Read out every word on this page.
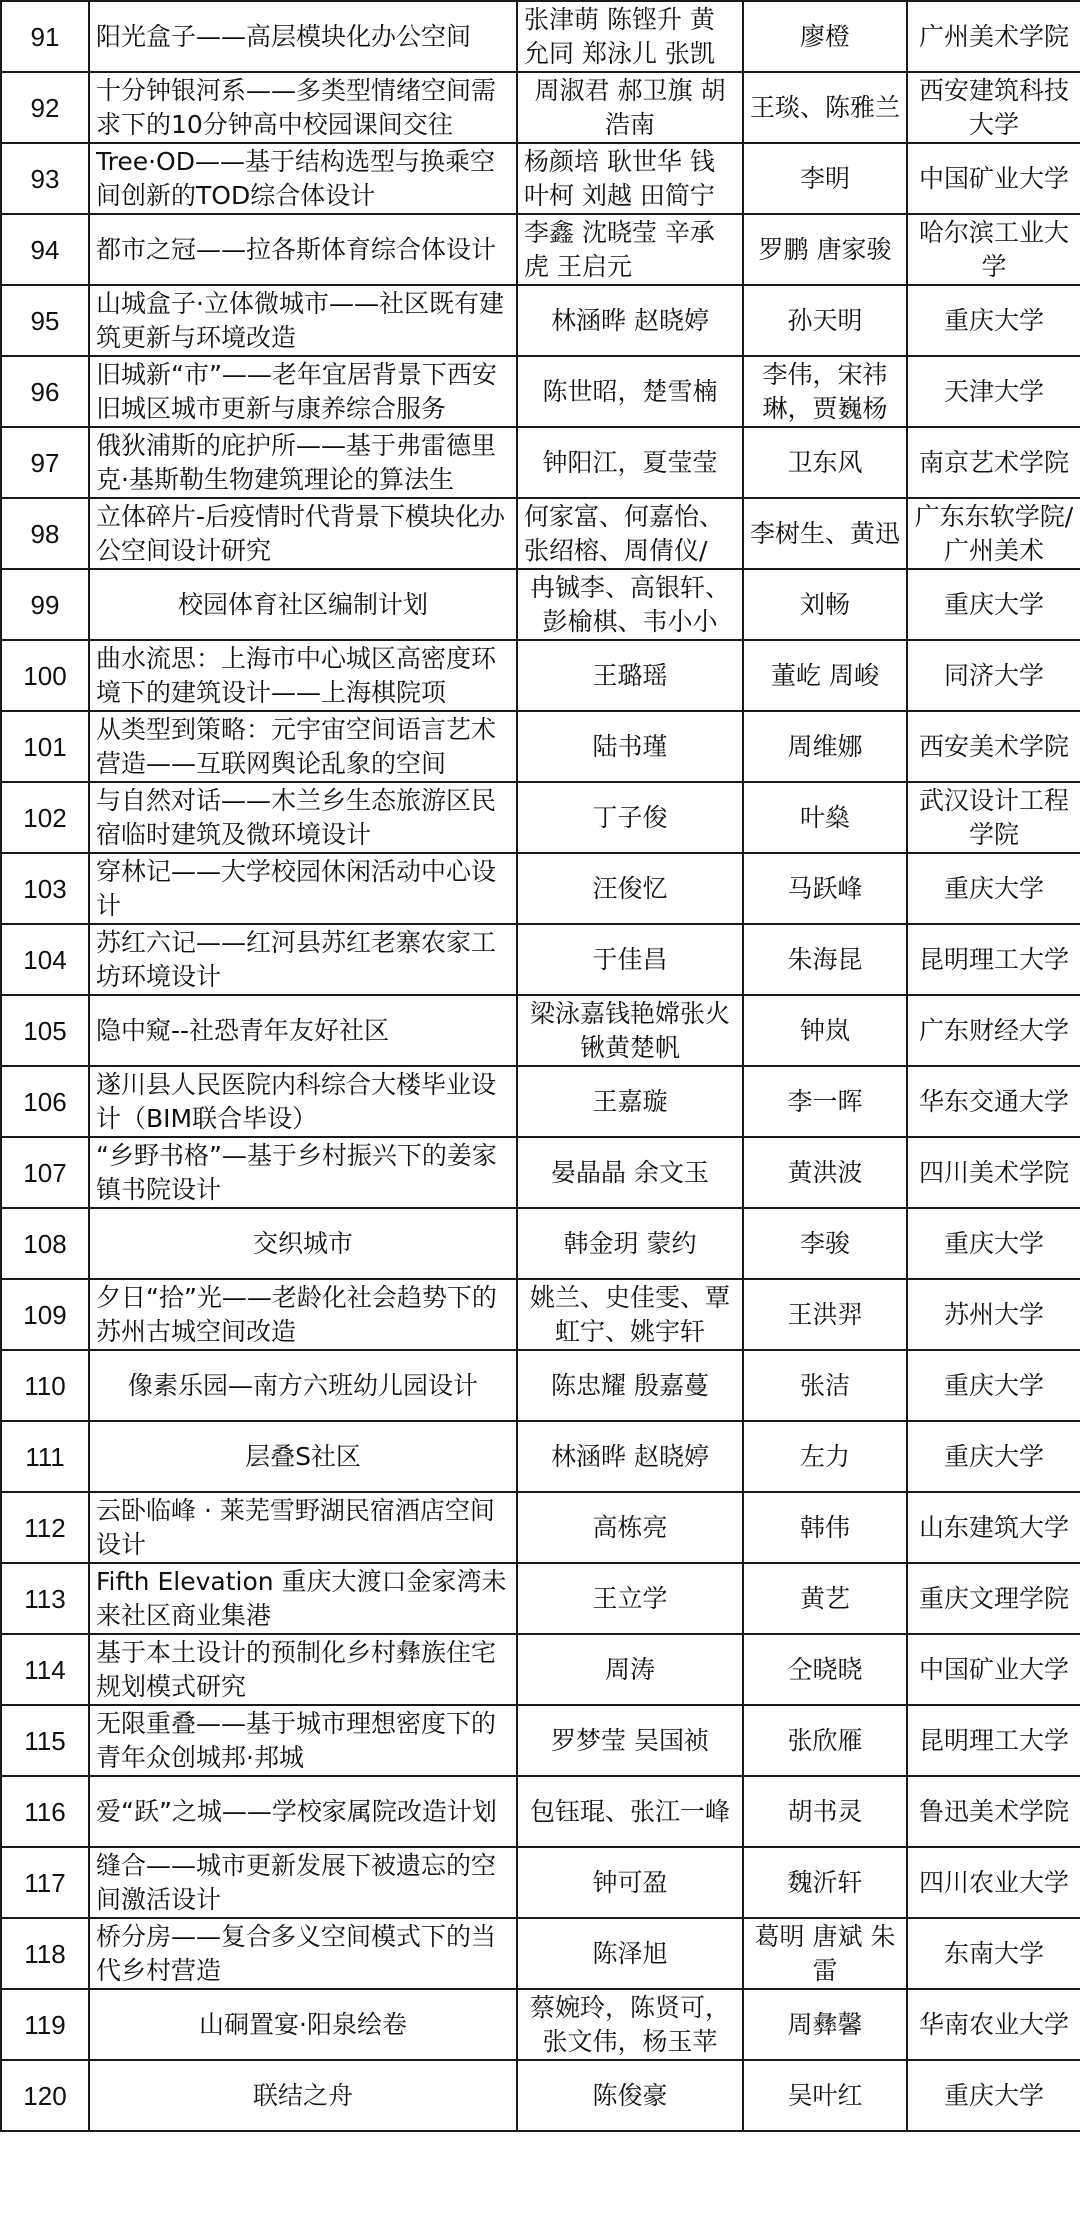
91	阳光盒子——高层模块化办公空间	张津萌 陈铿升 黄允同 郑泳儿 张凯	廖橙	广州美术学院

92	十分钟银河系——多类型情绪空间需求下的10分钟高中校园课间交往	周淑君 郝卫旗 胡浩南	王琰、陈雅兰	西安建筑科技大学

93	Tree·OD——基于结构选型与换乘空间创新的TOD综合体设计	杨颜培 耿世华 钱叶柯 刘越 田简宁	李明	中国矿业大学

94	都市之冠——拉各斯体育综合体设计	李鑫 沈晓莹 辛承虎 王启元	罗鹏 唐家骏	哈尔滨工业大学

95	山城盒子·立体微城市——社区既有建筑更新与环境改造	林涵晔 赵晓婷	孙天明	重庆大学

96	旧城新“市”——老年宜居背景下西安旧城区城市更新与康养综合服务	陈世昭，楚雪楠	李伟，宋祎琳，贾巍杨	天津大学

97	俄狄浦斯的庇护所——基于弗雷德里克·基斯勒生物建筑理论的算法生	钟阳江，夏莹莹	卫东风	南京艺术学院

98	立体碎片-后疫情时代背景下模块化办公空间设计研究	何家富、何嘉怡、张绍榕、周倩仪/	李树生、黄迅	广东东软学院/广州美术

99	校园体育社区编制计划	冉铖李、高银轩、彭榆棋、韦小小	刘畅	重庆大学

100	曲水流思：上海市中心城区高密度环境下的建筑设计——上海棋院项	王璐瑶	董屹 周峻	同济大学

101	从类型到策略：元宇宙空间语言艺术营造——互联网舆论乱象的空间	陆书瑾	周维娜	西安美术学院

102	与自然对话——木兰乡生态旅游区民宿临时建筑及微环境设计	丁子俊	叶燊	武汉设计工程学院

103	穿林记——大学校园休闲活动中心设计	汪俊忆	马跃峰	重庆大学

104	苏红六记——红河县苏红老寨农家工坊环境设计	于佳昌	朱海昆	昆明理工大学

105	隐中窥--社恐青年友好社区	梁泳嘉钱艳嫦张火锹黄楚帆	钟岚	广东财经大学

106	遂川县人民医院内科综合大楼毕业设计（BIM联合毕设）	王嘉璇	李一晖	华东交通大学

107	“乡野书格”—基于乡村振兴下的姜家镇书院设计	晏晶晶 余文玉	黄洪波	四川美术学院

108	交织城市	韩金玥 蒙约	李骏	重庆大学

109	夕日“拾”光——老龄化社会趋势下的苏州古城空间改造	姚兰、史佳雯、覃虹宁、姚宇轩	王洪羿	苏州大学

110	像素乐园—南方六班幼儿园设计	陈忠耀 殷嘉蔓	张洁	重庆大学

111	层叠S社区	林涵晔 赵晓婷	左力	重庆大学

112	云卧临峰 · 莱芜雪野湖民宿酒店空间设计	高栋亮	韩伟	山东建筑大学

113	Fifth Elevation 重庆大渡口金家湾未来社区商业集港	王立学	黄艺	重庆文理学院

114	基于本土设计的预制化乡村彝族住宅规划模式研究	周涛	仝晓晓	中国矿业大学

115	无限重叠——基于城市理想密度下的青年众创城邦·邦城	罗梦莹 吴国祯	张欣雁	昆明理工大学

116	爱“跃”之城——学校家属院改造计划	包钰琨、张江一峰	胡书灵	鲁迅美术学院

117	缝合——城市更新发展下被遗忘的空间激活设计	钟可盈	魏沂轩	四川农业大学

118	桥分房——复合多义空间模式下的当代乡村营造	陈泽旭	葛明 唐斌 朱雷	东南大学

119	山硐置宴·阳泉绘卷	蔡婉玲，陈贤可，张文伟，杨玉苹	周彝馨	华南农业大学

120	联结之舟	陈俊豪	吴叶红	重庆大学
